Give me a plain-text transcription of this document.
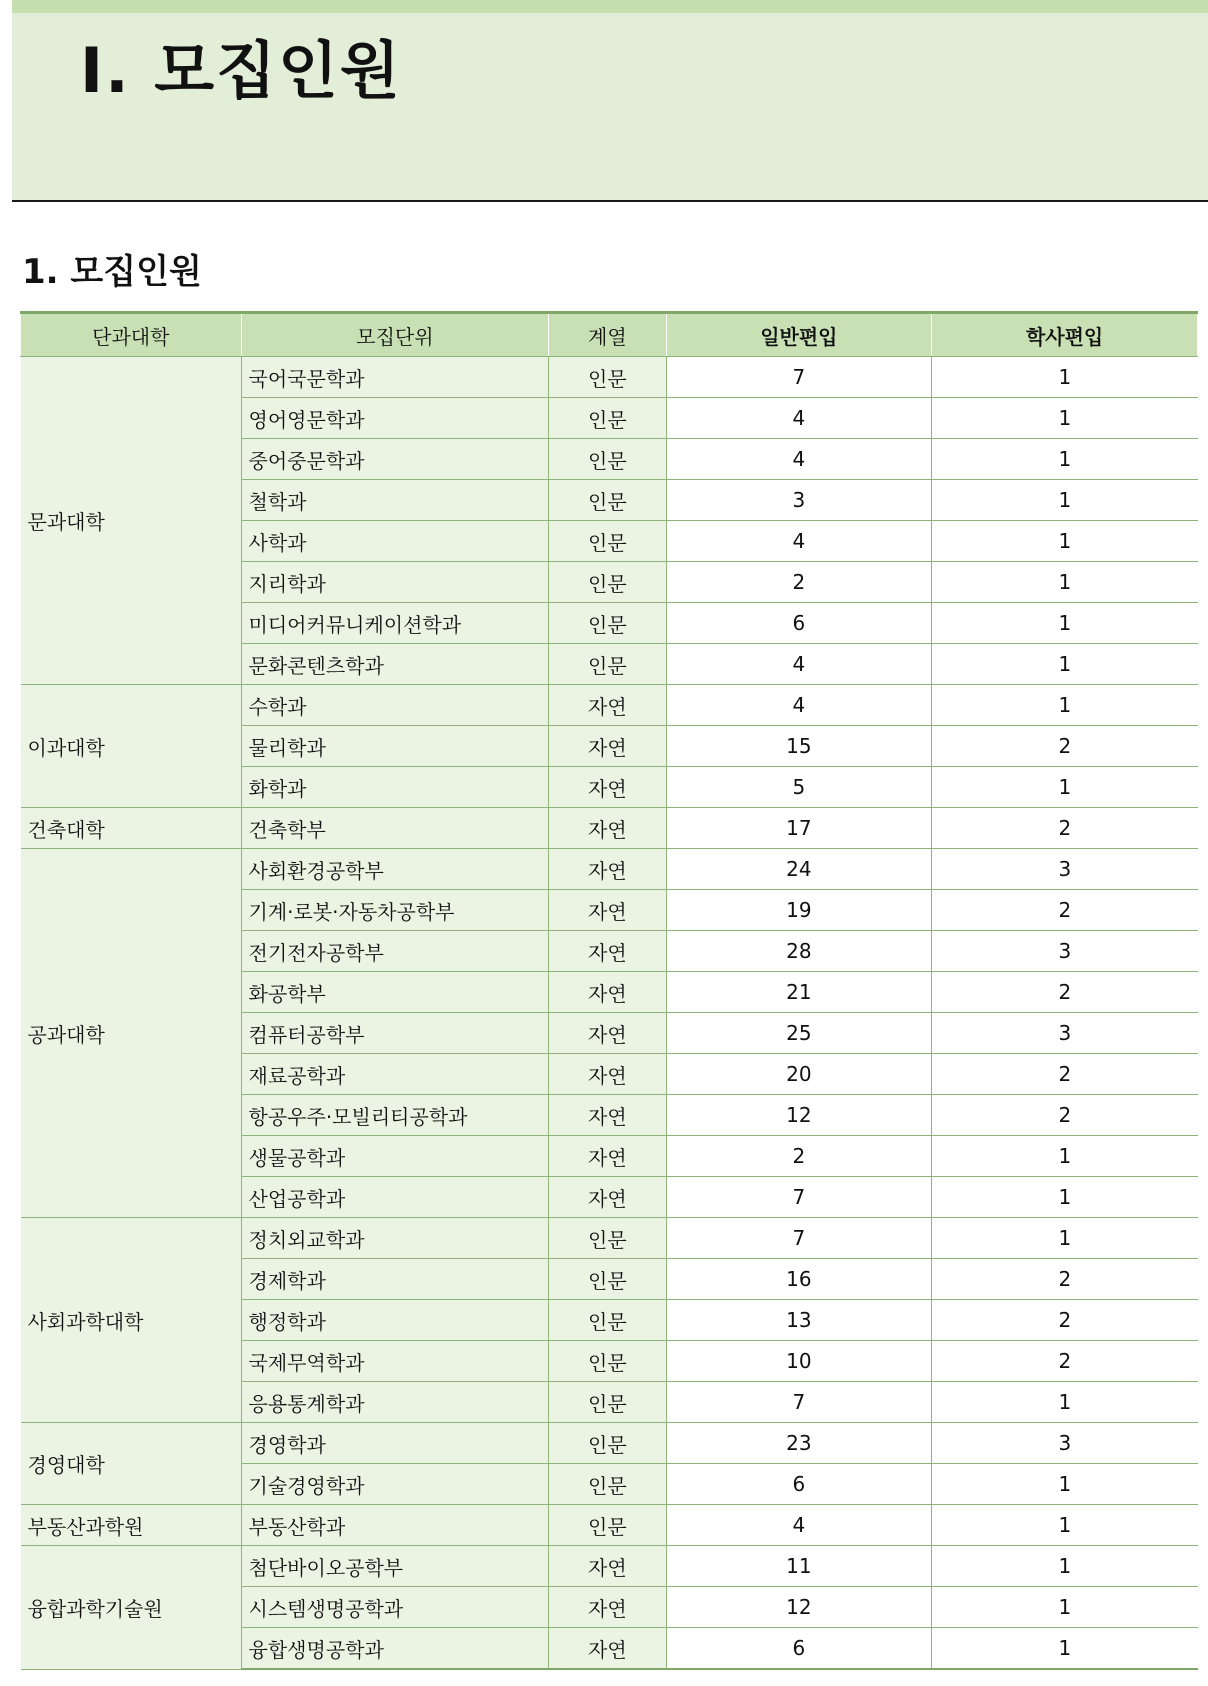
Ⅰ. 모집인원
1. 모집인원
단과대학	모집단위	계열	일반편입	학사편입
문과대학	국어국문학과	인문	7	1
	영어영문학과	인문	4	1
	중어중문학과	인문	4	1
	철학과	인문	3	1
	사학과	인문	4	1
	지리학과	인문	2	1
	미디어커뮤니케이션학과	인문	6	1
	문화콘텐츠학과	인문	4	1
이과대학	수학과	자연	4	1
	물리학과	자연	15	2
	화학과	자연	5	1
건축대학	건축학부	자연	17	2
공과대학	사회환경공학부	자연	24	3
	기계·로봇·자동차공학부	자연	19	2
	전기전자공학부	자연	28	3
	화공학부	자연	21	2
	컴퓨터공학부	자연	25	3
	재료공학과	자연	20	2
	항공우주·모빌리티공학과	자연	12	2
	생물공학과	자연	2	1
	산업공학과	자연	7	1
사회과학대학	정치외교학과	인문	7	1
	경제학과	인문	16	2
	행정학과	인문	13	2
	국제무역학과	인문	10	2
	응용통계학과	인문	7	1
경영대학	경영학과	인문	23	3
	기술경영학과	인문	6	1
부동산과학원	부동산학과	인문	4	1
융합과학기술원	첨단바이오공학부	자연	11	1
	시스템생명공학과	자연	12	1
	융합생명공학과	자연	6	1
